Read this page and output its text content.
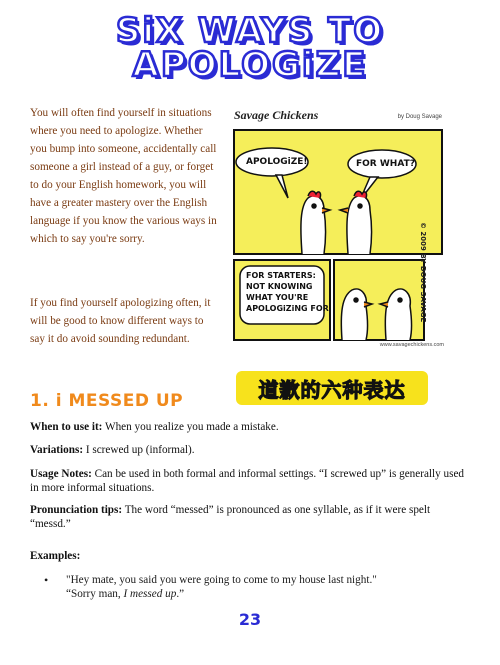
SiX WAYS TO
APOLOGiZE

You will often find yourself in situations where you need to apologize. Whether you bump into someone, accidentally call someone a girl instead of a guy, or forget to do your English homework, you will have a greater mastery over the English language if you know the various ways in which to say you're sorry.

If you find yourself apologizing often, it will be good to know different ways to say it do avoid sounding redundant.

Savage Chickens	by Doug Savage
APOLOGiZE!	FOR WHAT?
FOR STARTERS:
NOT KNOWING
WHAT YOU'RE
APOLOGiZiNG FOR
www.savagechickens.com
© 2009 BY DOUG SAVAGE
道歉的六种表达
1. i MESSED UP

When to use it: When you realize you made a mistake.

Variations: I screwed up (informal).

Usage Notes: Can be used in both formal and informal settings. “I screwed up” is generally used in more informal situations.

Pronunciation tips: The word “messed” is pronounced as one syllable, as if it were spelt “messd.”

Examples:

• "Hey mate, you said you were going to come to my house last night."
“Sorry man, I messed up.”
23
